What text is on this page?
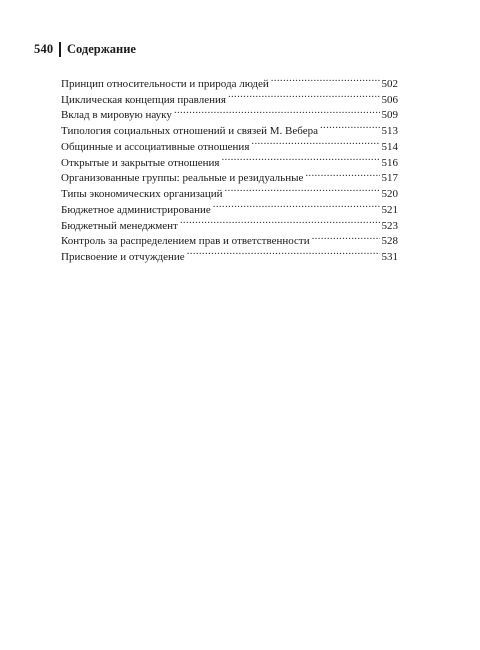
540 Содержание
Принцип относительности и природа людей .....	502
Циклическая концепция правления .....	506
Вклад в мировую науку .....	509
Типология социальных отношений и связей М. Вебера .....	513
Общинные и ассоциативные отношения .....	514
Открытые и закрытые отношения .....	516
Организованные группы: реальные и резидуальные .....	517
Типы экономических организаций .....	520
Бюджетное администрирование .....	521
Бюджетный менеджмент .....	523
Контроль за распределением прав и ответственности .....	528
Присвоение и отчуждение .....	531
